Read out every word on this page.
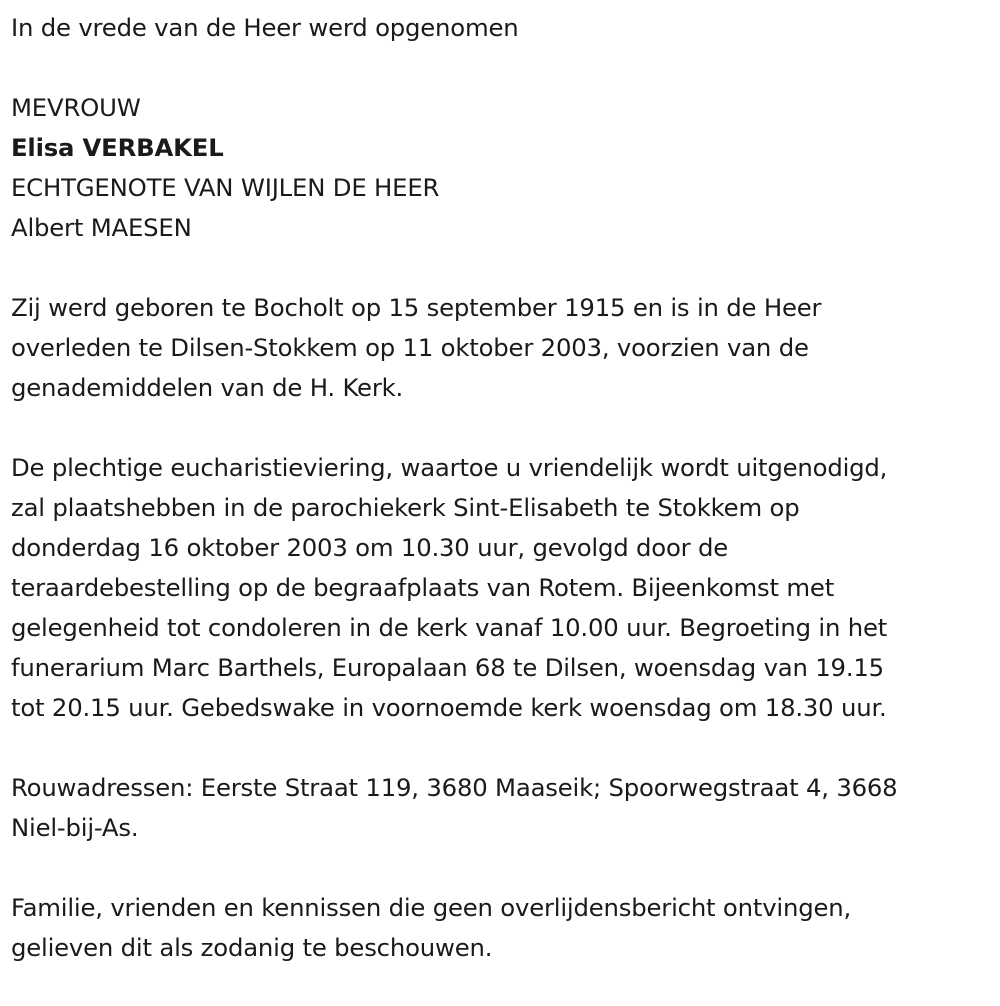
In de vrede van de Heer werd opgenomen
MEVROUW
Elisa VERBAKEL
ECHTGENOTE VAN WIJLEN DE HEER
Albert MAESEN
Zij werd geboren te Bocholt op 15 september 1915 en is in de Heer
overleden te Dilsen-Stokkem op 11 oktober 2003, voorzien van de
genademiddelen van de H. Kerk.
De plechtige eucharistieviering, waartoe u vriendelijk wordt uitgenodigd,
zal plaatshebben in de parochiekerk Sint-Elisabeth te Stokkem op
donderdag 16 oktober 2003 om 10.30 uur, gevolgd door de
teraardebestelling op de begraafplaats van Rotem. Bijeenkomst met
gelegenheid tot condoleren in de kerk vanaf 10.00 uur. Begroeting in het
funerarium Marc Barthels, Europalaan 68 te Dilsen, woensdag van 19.15
tot 20.15 uur. Gebedswake in voornoemde kerk woensdag om 18.30 uur.
Rouwadressen: Eerste Straat 119, 3680 Maaseik; Spoorwegstraat 4, 3668
Niel-bij-As.
Familie, vrienden en kennissen die geen overlijdensbericht ontvingen,
gelieven dit als zodanig te beschouwen.
